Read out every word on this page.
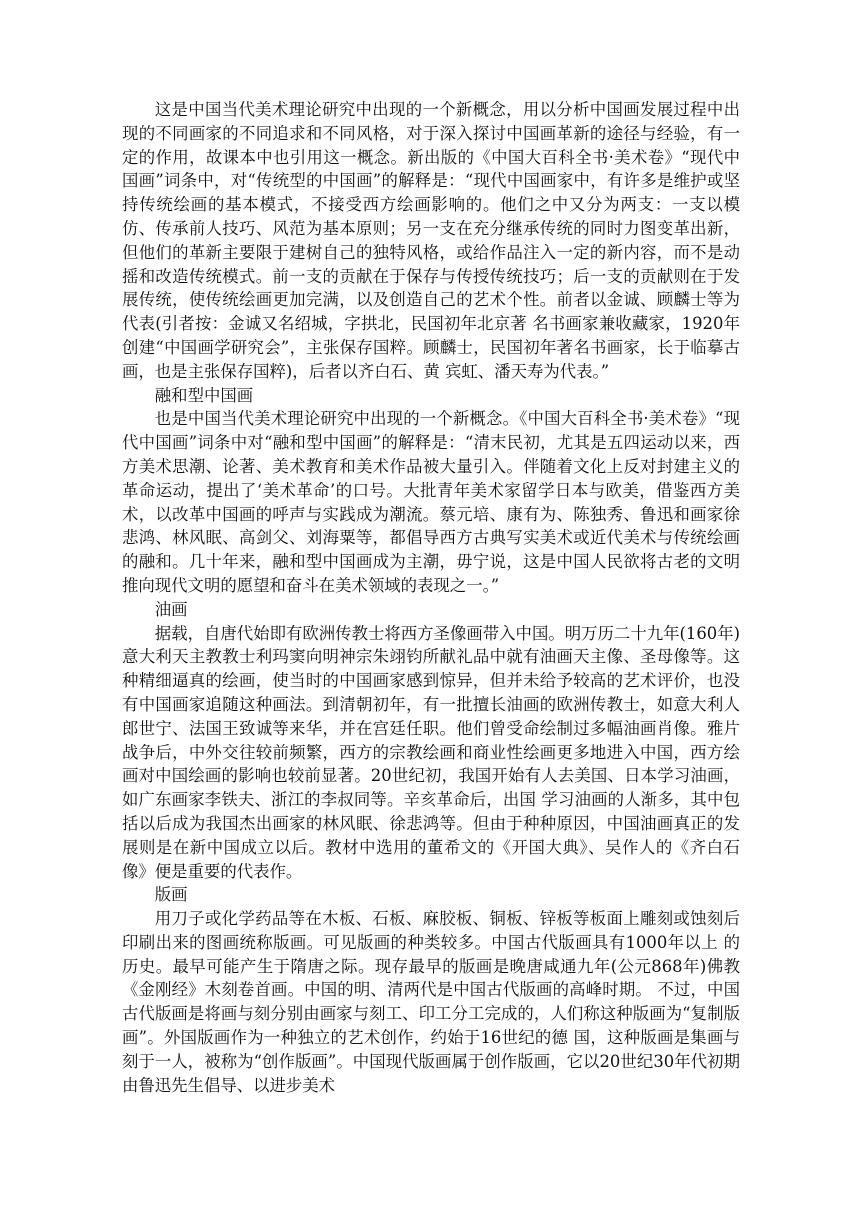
这是中国当代美术理论研究中出现的一个新概念，用以分析中国画发展过程中出现的不同画家的不同追求和不同风格，对于深入探讨中国画革新的途径与经验，有一定的作用，故课本中也引用这一概念。新出版的《中国大百科全书·美术卷》“现代中国画”词条中，对“传统型的中国画”的解释是：“现代中国画家中，有许多是维护或坚持传统绘画的基本模式，不接受西方绘画影响的。他们之中又分为两支：一支以模仿、传承前人技巧、风范为基本原则；另一支在充分继承传统的同时力图变革出新，但他们的革新主要限于建树自己的独特风格，或给作品注入一定的新内容，而不是动摇和改造传统模式。前一支的贡献在于保存与传授传统技巧；后一支的贡献则在于发展传统，使传统绘画更加完满，以及创造自己的艺术个性。前者以金诚、顾麟士等为代表(引者按：金诚又名绍城，字拱北，民国初年北京著 名书画家兼收藏家，1920年创建“中国画学研究会”，主张保存国粹。顾麟士，民国初年著名书画家，长于临摹古画，也是主张保存国粹)，后者以齐白石、黄 宾虹、潘天寿为代表。”

融和型中国画

也是中国当代美术理论研究中出现的一个新概念。《中国大百科全书·美术卷》“现代中国画”词条中对“融和型中国画”的解释是：“清末民初，尤其是五四运动以来，西方美术思潮、论著、美术教育和美术作品被大量引入。伴随着文化上反对封建主义的革命运动，提出了‘美术革命’的口号。大批青年美术家留学日本与欧美，借鉴西方美术，以改革中国画的呼声与实践成为潮流。蔡元培、康有为、陈独秀、鲁迅和画家徐悲鸿、林风眠、高剑父、刘海粟等，都倡导西方古典写实美术或近代美术与传统绘画的融和。几十年来，融和型中国画成为主潮，毋宁说，这是中国人民欲将古老的文明推向现代文明的愿望和奋斗在美术领域的表现之一。”

油画

据载，自唐代始即有欧洲传教士将西方圣像画带入中国。明万历二十九年(160年)意大利天主教教士利玛窦向明神宗朱翊钧所献礼品中就有油画天主像、圣母像等。这种精细逼真的绘画，使当时的中国画家感到惊异，但并未给予较高的艺术评价，也没有中国画家追随这种画法。到清朝初年，有一批擅长油画的欧洲传教士，如意大利人郎世宁、法国王致诚等来华，并在宫廷任职。他们曾受命绘制过多幅油画肖像。雅片战争后，中外交往较前频繁，西方的宗教绘画和商业性绘画更多地进入中国，西方绘画对中国绘画的影响也较前显著。20世纪初，我国开始有人去美国、日本学习油画，如广东画家李铁夫、浙江的李叔同等。辛亥革命后，出国 学习油画的人渐多，其中包括以后成为我国杰出画家的林风眠、徐悲鸿等。但由于种种原因，中国油画真正的发展则是在新中国成立以后。教材中选用的董希文的《开国大典》、吴作人的《齐白石像》便是重要的代表作。

版画

用刀子或化学药品等在木板、石板、麻胶板、铜板、锌板等板面上雕刻或蚀刻后印刷出来的图画统称版画。可见版画的种类较多。中国古代版画具有1000年以上 的历史。最早可能产生于隋唐之际。现存最早的版画是晚唐咸通九年(公元868年)佛教《金刚经》木刻卷首画。中国的明、清两代是中国古代版画的高峰时期。 不过，中国古代版画是将画与刻分别由画家与刻工、印工分工完成的，人们称这种版画为“复制版画”。外国版画作为一种独立的艺术创作，约始于16世纪的德 国，这种版画是集画与刻于一人，被称为“创作版画”。中国现代版画属于创作版画，它以20世纪30年代初期由鲁迅先生倡导、以进步美术
